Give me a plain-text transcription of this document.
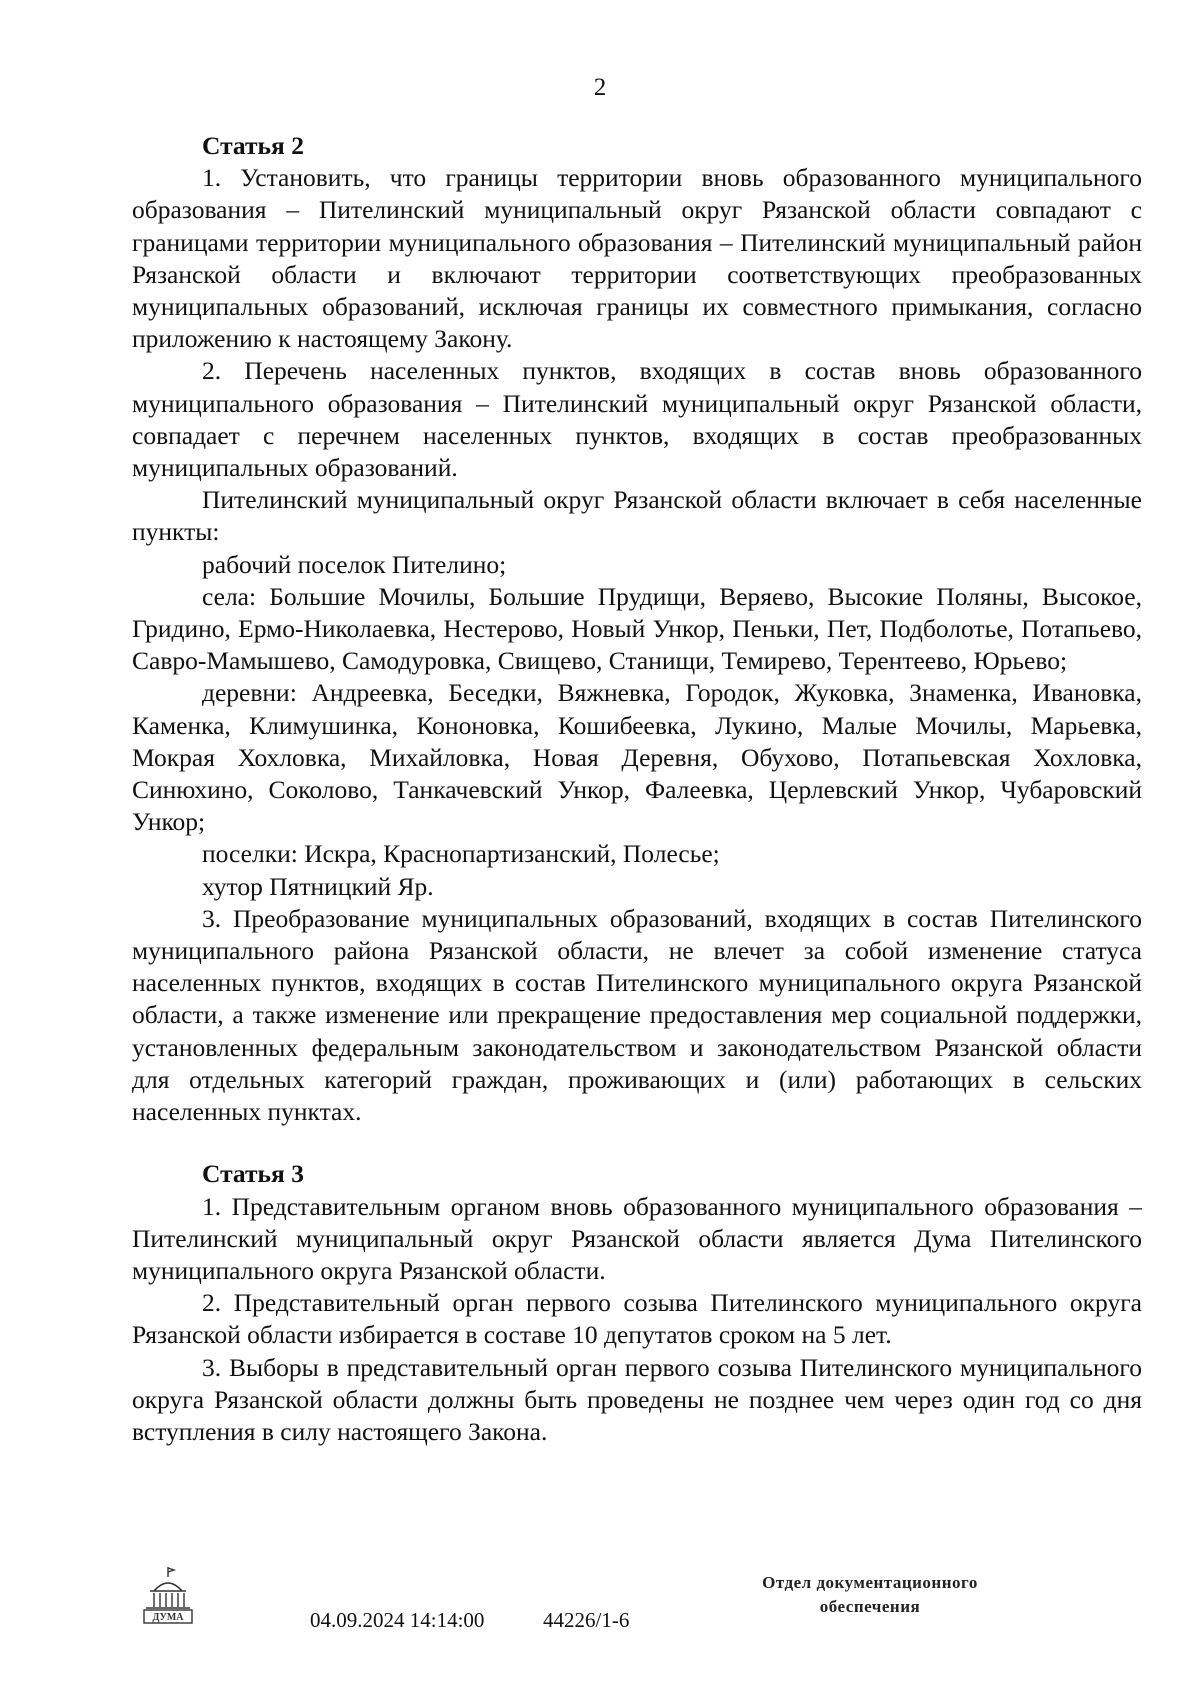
2

Статья 2

1. Установить, что границы территории вновь образованного муниципального образования – Пителинский муниципальный округ Рязанской области совпадают с границами территории муниципального образования – Пителинский муниципальный район Рязанской области и включают территории соответствующих преобразованных муниципальных образований, исключая границы их совместного примыкания, согласно приложению к настоящему Закону.

2. Перечень населенных пунктов, входящих в состав вновь образованного муниципального образования – Пителинский муниципальный округ Рязанской области, совпадает с перечнем населенных пунктов, входящих в состав преобразованных муниципальных образований.

Пителинский муниципальный округ Рязанской области включает в себя населенные пункты:

рабочий поселок Пителино;

села: Большие Мочилы, Большие Прудищи, Веряево, Высокие Поляны, Высокое, Гридино, Ермо-Николаевка, Нестерово, Новый Ункор, Пеньки, Пет, Подболотье, Потапьево, Савро-Мамышево, Самодуровка, Свищево, Станищи, Темирево, Терентеево, Юрьево;

деревни: Андреевка, Беседки, Вяжневка, Городок, Жуковка, Знаменка, Ивановка, Каменка, Климушинка, Кононовка, Кошибеевка, Лукино, Малые Мочилы, Марьевка, Мокрая Хохловка, Михайловка, Новая Деревня, Обухово, Потапьевская Хохловка, Синюхино, Соколово, Танкачевский Ункор, Фалеевка, Церлевский Ункор, Чубаровский Ункор;

поселки: Искра, Краснопартизанский, Полесье;

хутор Пятницкий Яр.

3. Преобразование муниципальных образований, входящих в состав Пителинского муниципального района Рязанской области, не влечет за собой изменение статуса населенных пунктов, входящих в состав Пителинского муниципального округа Рязанской области, а также изменение или прекращение предоставления мер социальной поддержки, установленных федеральным законодательством и законодательством Рязанской области для отдельных категорий граждан, проживающих и (или) работающих в сельских населенных пунктах.

Статья 3

1. Представительным органом вновь образованного муниципального образования – Пителинский муниципальный округ Рязанской области является Дума Пителинского муниципального округа Рязанской области.

2. Представительный орган первого созыва Пителинского муниципального округа Рязанской области избирается в составе 10 депутатов сроком на 5 лет.

3. Выборы в представительный орган первого созыва Пителинского муниципального округа Рязанской области должны быть проведены не позднее чем через один год со дня вступления в силу настоящего Закона.

ДУМА	04.09.2024 14:14:00	44226/1-6
Отдел документационного
обеспечения
